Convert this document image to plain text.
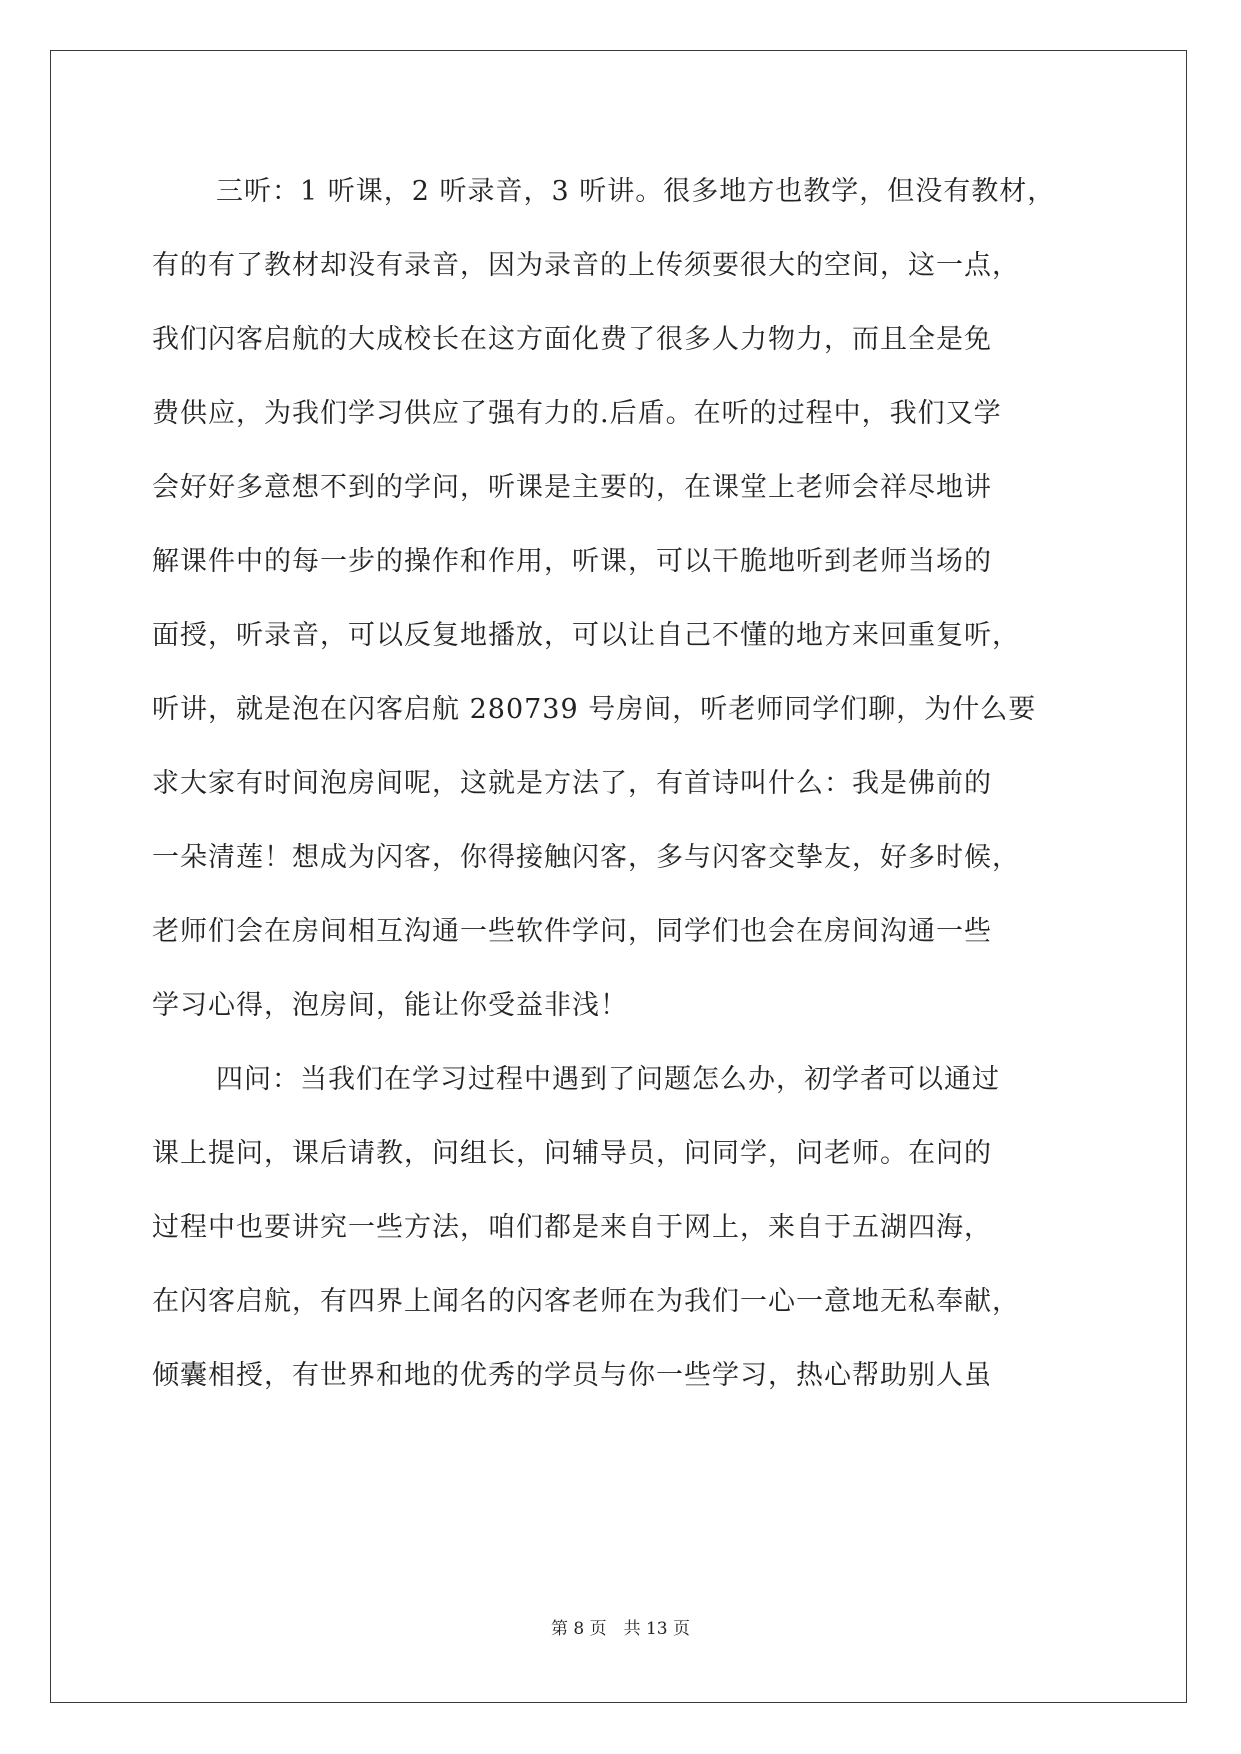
三听：1 听课，2 听录音，3 听讲。很多地方也教学，但没有教材，
有的有了教材却没有录音，因为录音的上传须要很大的空间，这一点，
我们闪客启航的大成校长在这方面化费了很多人力物力，而且全是免
费供应，为我们学习供应了强有力的.后盾。在听的过程中，我们又学
会好好多意想不到的学问，听课是主要的，在课堂上老师会祥尽地讲
解课件中的每一步的操作和作用，听课，可以干脆地听到老师当场的
面授，听录音，可以反复地播放，可以让自己不懂的地方来回重复听，
听讲，就是泡在闪客启航 280739 号房间，听老师同学们聊，为什么要
求大家有时间泡房间呢，这就是方法了，有首诗叫什么：我是佛前的
一朵清莲！想成为闪客，你得接触闪客，多与闪客交挚友，好多时候，
老师们会在房间相互沟通一些软件学问，同学们也会在房间沟通一些
学习心得，泡房间，能让你受益非浅！
四问：当我们在学习过程中遇到了问题怎么办，初学者可以通过
课上提问，课后请教，问组长，问辅导员，问同学，问老师。在问的
过程中也要讲究一些方法，咱们都是来自于网上，来自于五湖四海，
在闪客启航，有四界上闻名的闪客老师在为我们一心一意地无私奉献，
倾囊相授，有世界和地的优秀的学员与你一些学习，热心帮助别人虽
第 8 页　共 13 页
